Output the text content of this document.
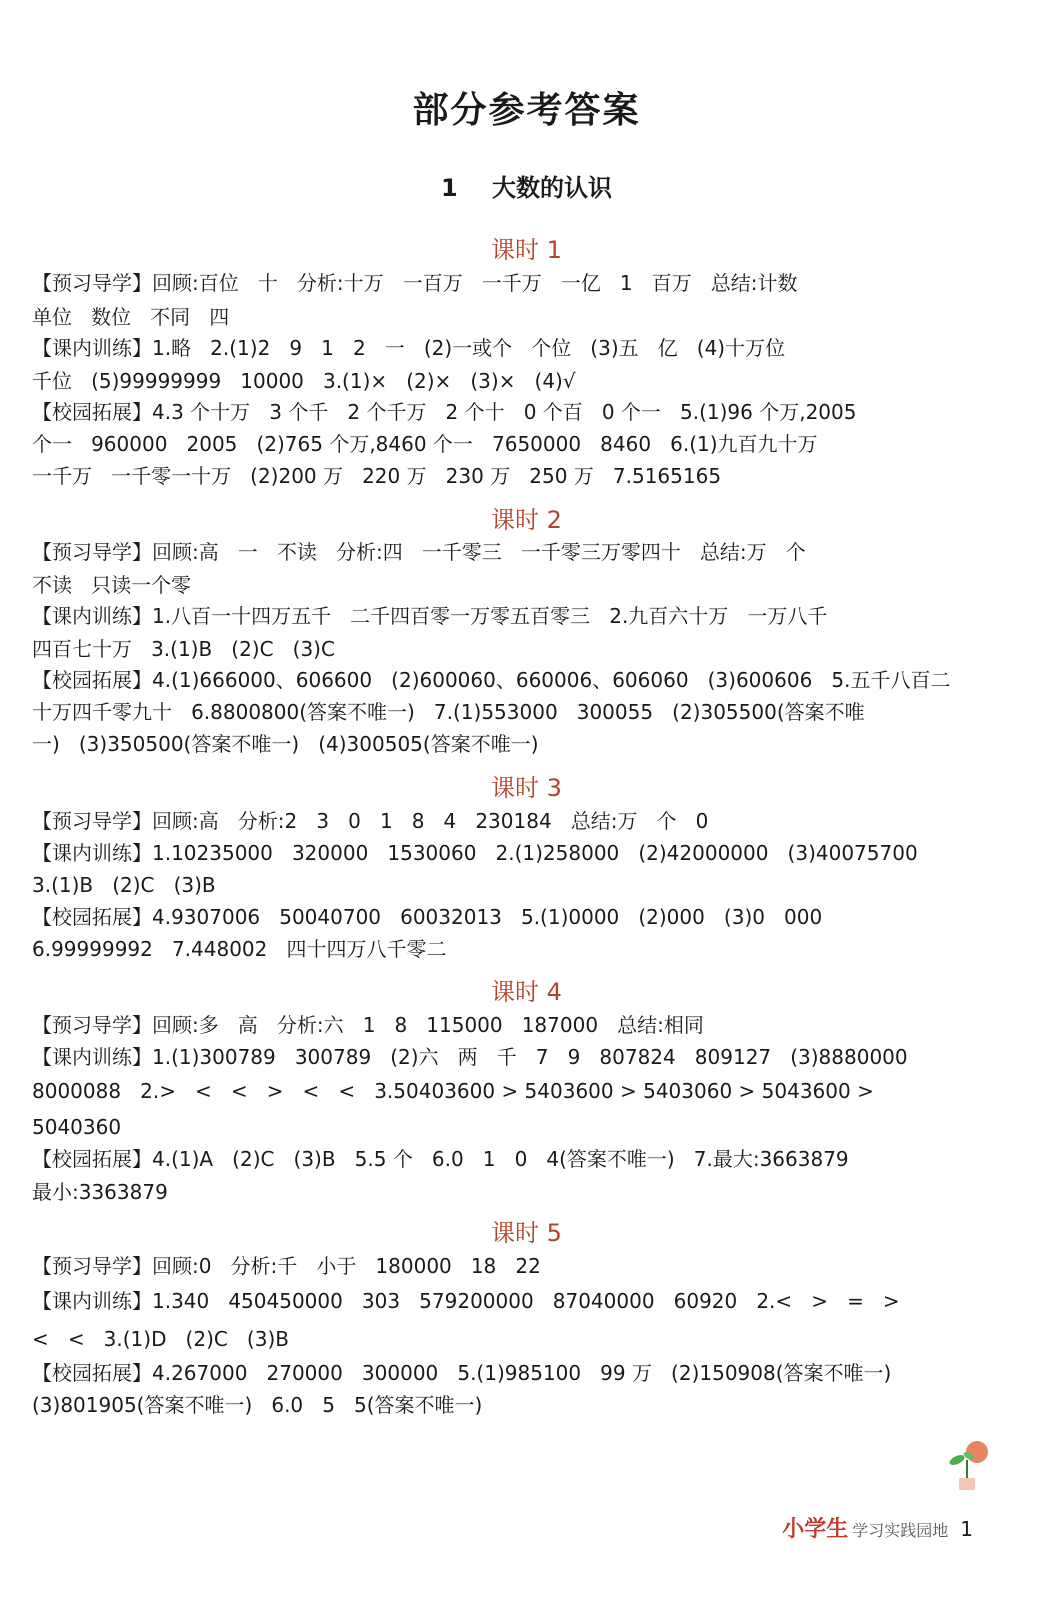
部分参考答案
1 大数的认识
课时 1
【预习导学】回顾:百位   十   分析:十万   一百万   一千万   一亿   1   百万   总结:计数
单位   数位   不同   四
【课内训练】1.略   2.(1)2   9   1   2   一   (2)一或个   个位   (3)五   亿   (4)十万位
千位   (5)99999999   10000   3.(1)×   (2)×   (3)×   (4)√
【校园拓展】4.3 个十万   3 个千   2 个千万   2 个十   0 个百   0 个一   5.(1)96 个万,2005
个一   960000   2005   (2)765 个万,8460 个一   7650000   8460   6.(1)九百九十万
一千万   一千零一十万   (2)200 万   220 万   230 万   250 万   7.5165165
课时 2
【预习导学】回顾:高   一   不读   分析:四   一千零三   一千零三万零四十   总结:万   个
不读   只读一个零
【课内训练】1.八百一十四万五千   二千四百零一万零五百零三   2.九百六十万   一万八千
四百七十万   3.(1)B   (2)C   (3)C
【校园拓展】4.(1)666000、606600   (2)600060、660006、606060   (3)600606   5.五千八百二
十万四千零九十   6.8800800(答案不唯一)   7.(1)553000   300055   (2)305500(答案不唯
一)   (3)350500(答案不唯一)   (4)300505(答案不唯一)
课时 3
【预习导学】回顾:高   分析:2   3   0   1   8   4   230184   总结:万   个   0
【课内训练】1.10235000   320000   1530060   2.(1)258000   (2)42000000   (3)40075700
3.(1)B   (2)C   (3)B
【校园拓展】4.9307006   50040700   60032013   5.(1)0000   (2)000   (3)0   000
6.99999992   7.448002   四十四万八千零二
课时 4
【预习导学】回顾:多   高   分析:六   1   8   115000   187000   总结:相同
【课内训练】1.(1)300789   300789   (2)六   两   千   7   9   807824   809127   (3)8880000
8000088   2.>   <   <   >   <   <   3.50403600 > 5403600 > 5403060 > 5043600 >
5040360
【校园拓展】4.(1)A   (2)C   (3)B   5.5 个   6.0   1   0   4(答案不唯一)   7.最大:3663879
最小:3363879
课时 5
【预习导学】回顾:0   分析:千   小于   180000   18   22
【课内训练】1.340   450450000   303   579200000   87040000   60920   2.<   >   =   >
<   <   3.(1)D   (2)C   (3)B
【校园拓展】4.267000   270000   300000   5.(1)985100   99 万   (2)150908(答案不唯一)
(3)801905(答案不唯一)   6.0   5   5(答案不唯一)
小学生 学习实践园地 1
